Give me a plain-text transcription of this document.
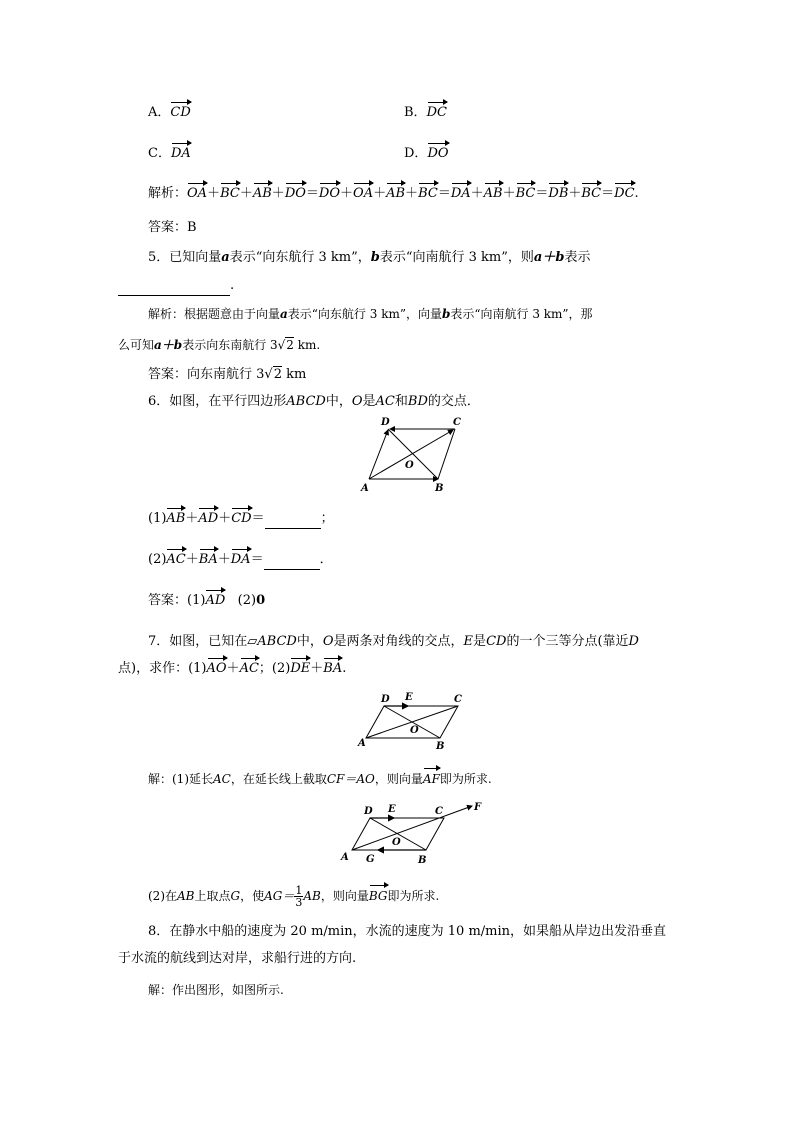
A．CD	B．DC
C．DA	D．DO
解析：OA＋BC＋AB＋DO＝DO＋OA＋AB＋BC＝DA＋AB＋BC＝DB＋BC＝DC.
答案：B
5．已知向量a表示“向东航行 3 km”，b表示“向南航行 3 km”，则a＋b表示
.
解析：根据题意由于向量a表示“向东航行 3 km”，向量b表示“向南航行 3 km”，那
么可知a＋b表示向东南航行 3√2 km.
答案：向东南航行 3√2 km
6．如图，在平行四边形ABCD中，O是AC和BD的交点．
D	C
O
A	B
(1)AB＋AD＋CD＝	；
(2)AC＋BA＋DA＝	．
答案：(1)AD (2)0
7．如图，已知在▱ABCD中，O是两条对角线的交点，E是CD的一个三等分点(靠近D
点)，求作：(1)AO＋AC；(2)DE＋BA.
D E	C
O
A	B
解：(1)延长AC，在延长线上截取CF＝AO，则向量AF即为所求.
D E	C	F
O
A G	B
(2)在AB上取点G，使$AG= \frac{1}{3}$ AB，则向量BG即为所求.
8．在静水中船的速度为 20 m/min，水流的速度为 10 m/min，如果船从岸边出发沿垂直
于水流的航线到达对岸，求船行进的方向.
解：作出图形，如图所示.
